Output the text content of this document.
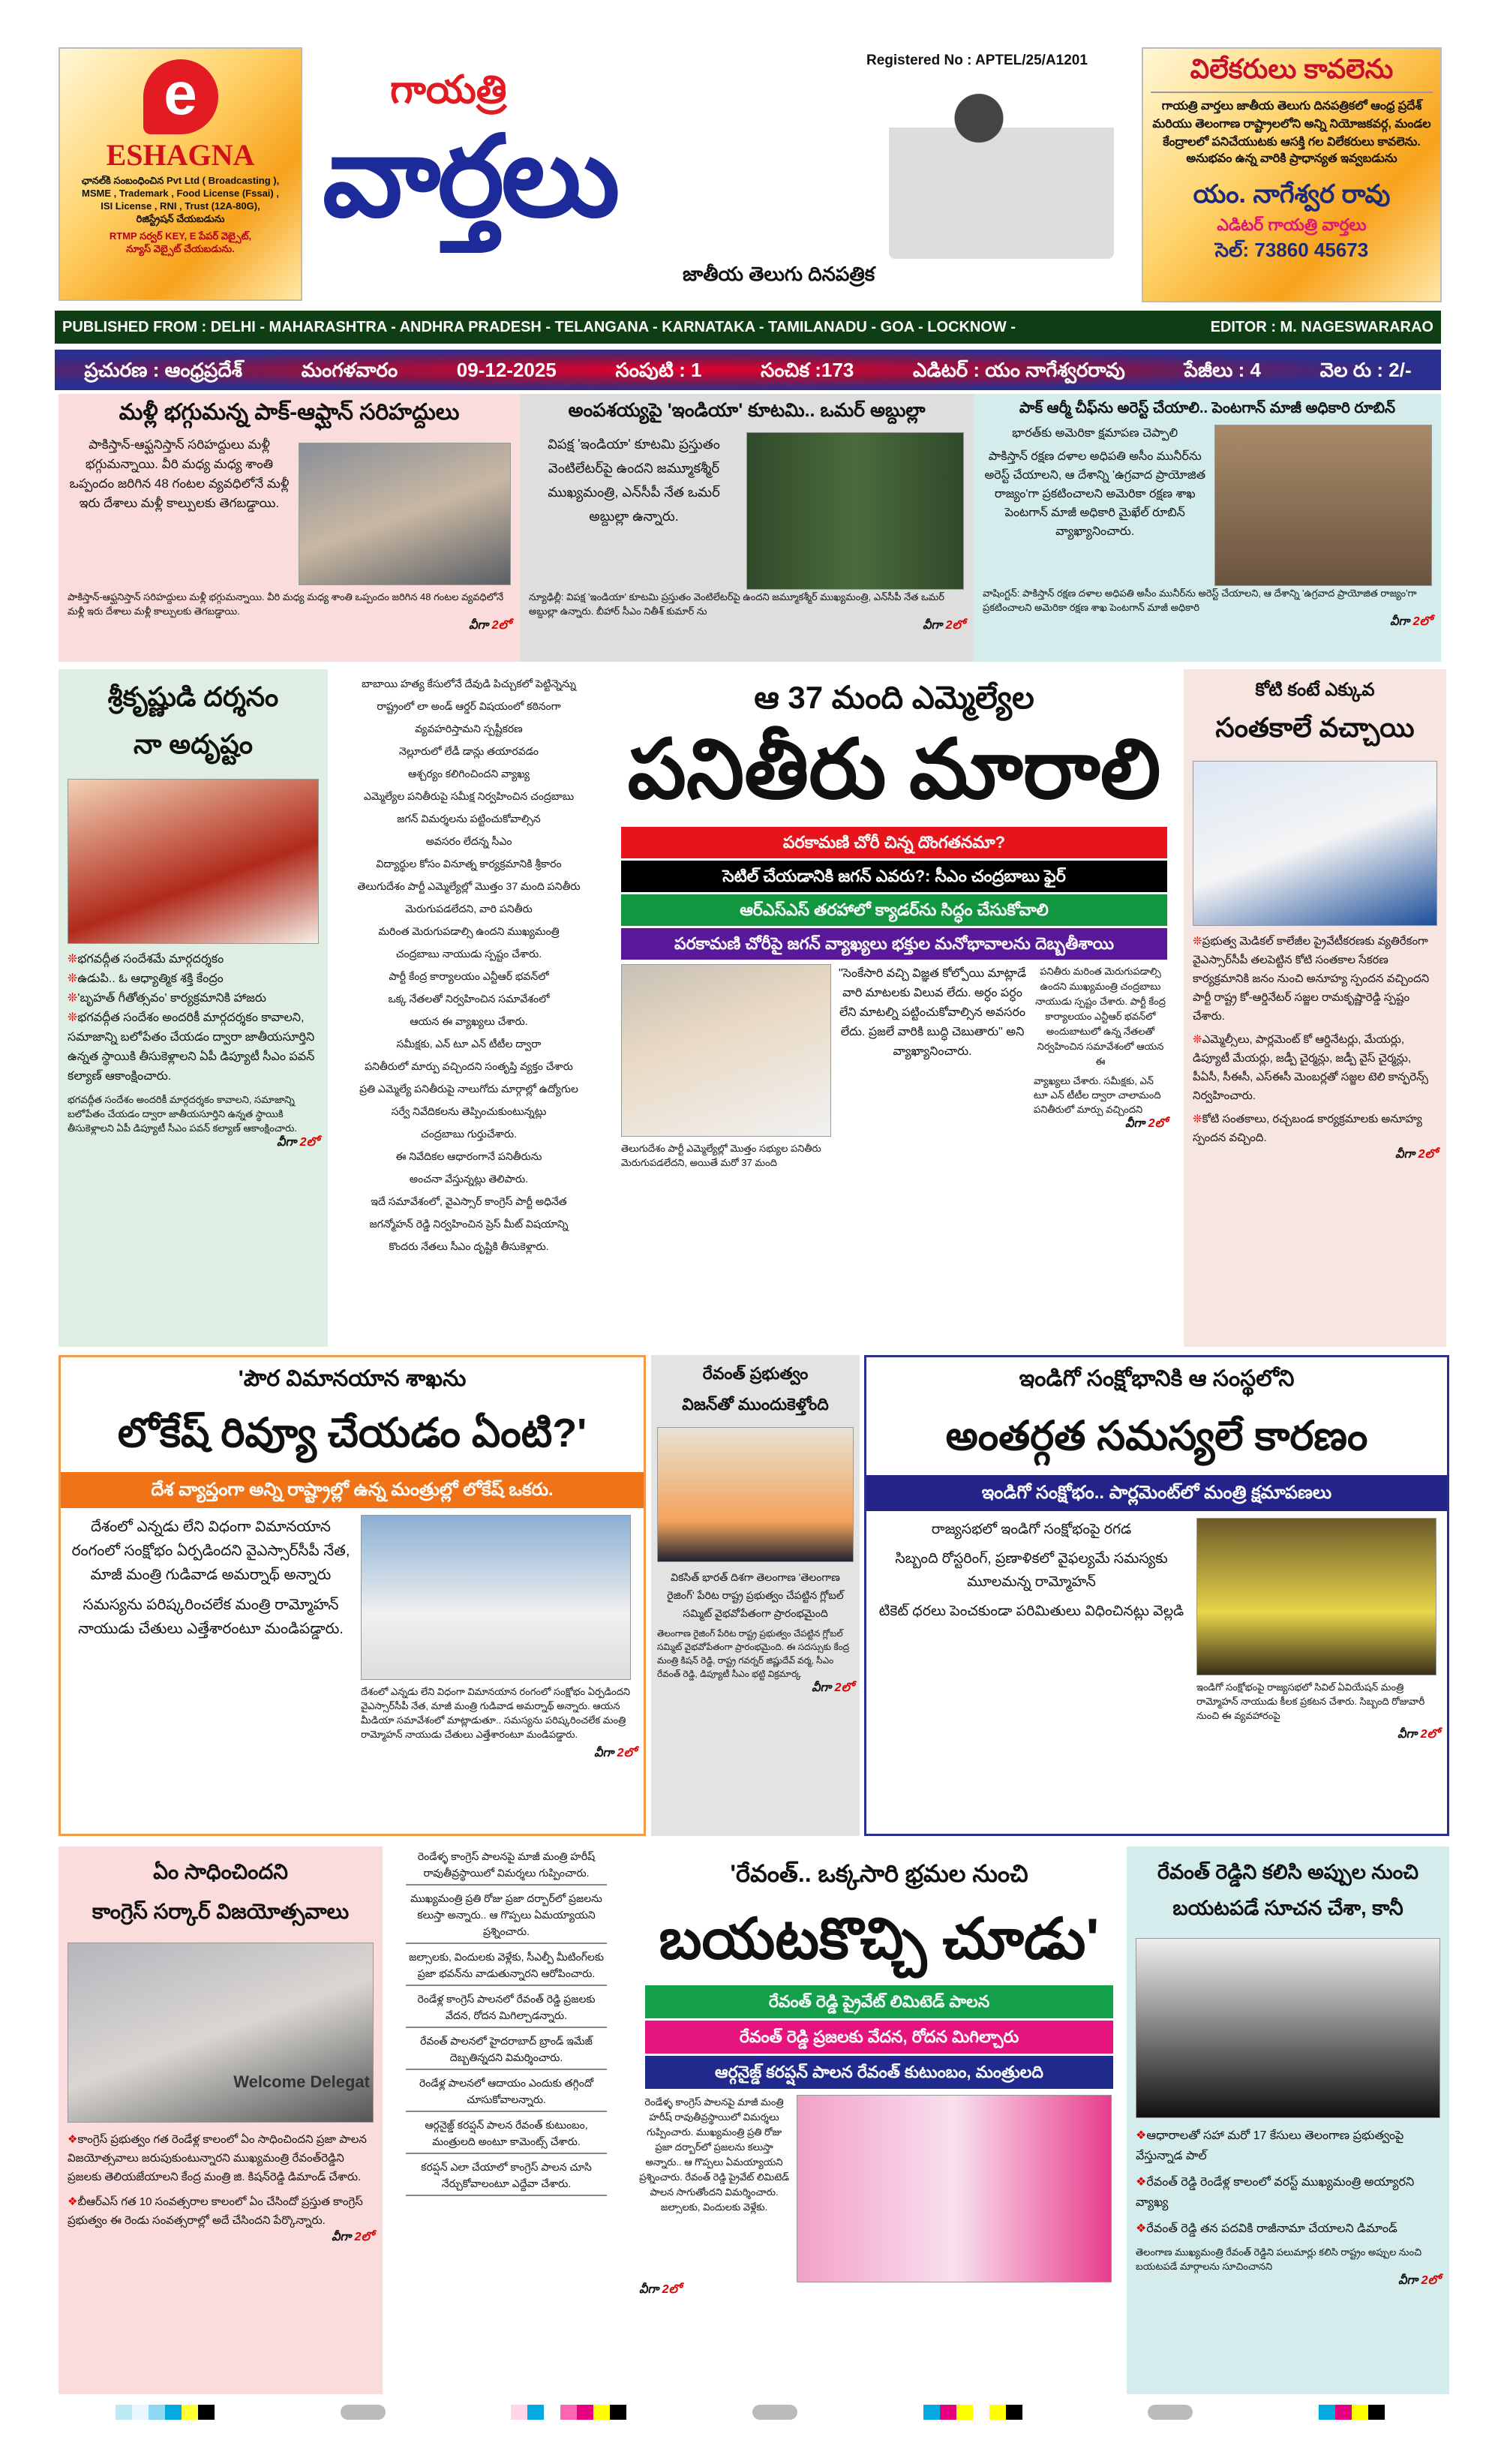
e
ESHAGNA
ఛానల్‌కి సంబంధించిన Pvt Ltd ( Broadcasting ),
MSME , Trademark , Food License (Fssai) ,
ISI License , RNI , Trust (12A-80G),
రిజిస్ట్రేషన్ చేయబడును
RTMP సర్వర్ KEY, E పేపర్ వెబ్సైట్,
న్యూస్ వెబ్సైట్ చేయబడును.
Registered No : APTEL/25/A1201
గాయత్రి
వార్తలు
జాతీయ తెలుగు దినపత్రిక
విలేకరులు కావలెను
గాయత్రి వార్తలు జాతీయ తెలుగు దినపత్రికలో ఆంధ్ర ప్రదేశ్ మరియు తెలంగాణ రాష్ట్రాలలోని అన్ని నియోజకవర్గ, మండల కేంద్రాలలో పనిచేయుటకు ఆసక్తి గల విలేకరులు కావలెను.
అనుభవం ఉన్న వారికి ప్రాధాన్యత ఇవ్వబడును
యం. నాగేశ్వర రావు
ఎడిటర్ గాయత్రి వార్తలు
సెల్: 73860 45673
PUBLISHED FROM : DELHI - MAHARASHTRA - ANDHRA PRADESH - TELANGANA - KARNATAKA - TAMILANADU - GOA - LOCKNOW -	EDITOR : M. NAGESWARARAO
ప్రచురణ : ఆంధ్రప్రదేశ్	మంగళవారం	09-12-2025	సంపుటి : 1	సంచిక :173	ఎడిటర్ : యం నాగేశ్వరరావు	పేజీలు : 4	వెల రు : 2/-
మళ్లీ భగ్గుమన్న పాక్-ఆఫ్ఘాన్ సరిహద్దులు
పాకిస్తాన్-ఆఫ్ఘనిస్తాన్ సరిహద్దులు మళ్లీ భగ్గుమన్నాయి. వీరి మధ్య మధ్య శాంతి ఒప్పందం జరిగిన 48 గంటల వ్యవధిలోనే మళ్లీ ఇరు దేశాలు మళ్లీ కాల్పులకు తెగబడ్డాయి.
పాకిస్తాన్-ఆఫ్ఘనిస్తాన్ సరిహద్దులు మళ్లీ భగ్గుమన్నాయి. వీరి మధ్య మధ్య శాంతి ఒప్పందం జరిగిన 48 గంటల వ్యవధిలోనే మళ్లీ ఇరు దేశాలు మళ్లీ కాల్పులకు తెగబడ్డాయి.
వీగా 2లో
అంపశయ్యపై 'ఇండియా' కూటమి.. ఒమర్ అబ్దుల్లా
విపక్ష 'ఇండియా' కూటమి ప్రస్తుతం వెంటిలేటర్‌పై ఉందని జమ్మూకశ్మీర్ ముఖ్యమంత్రి, ఎన్‌సీపీ నేత ఒమర్ అబ్దుల్లా ఉన్నారు.
న్యూఢిల్లీ: విపక్ష 'ఇండియా' కూటమి ప్రస్తుతం వెంటిలేటర్‌పై ఉందని జమ్మూకశ్మీర్ ముఖ్యమంత్రి, ఎన్‌సీపీ నేత ఒమర్ అబ్దుల్లా ఉన్నారు. బీహార్ సీఎం నితీశ్ కుమార్ ను
వీగా 2లో
పాక్ ఆర్మీ చీఫ్‌ను అరెస్ట్ చేయాలి.. పెంటగాన్ మాజీ అధికారి రూబిన్
భారత్‌కు అమెరికా క్షమాపణ చెప్పాలి
పాకిస్తాన్ రక్షణ దళాల అధిపతి అసీం మునీర్‌ను అరెస్ట్ చేయాలని, ఆ దేశాన్ని 'ఉగ్రవాద ప్రాయోజిత రాజ్యం'గా ప్రకటించాలని అమెరికా రక్షణ శాఖ పెంటగాన్ మాజీ అధికారి మైఖేల్ రూబిన్ వ్యాఖ్యానించారు.
వాషింగ్టన్: పాకిస్తాన్ రక్షణ దళాల అధిపతి అసీం మునీర్‌ను అరెస్ట్ చేయాలని, ఆ దేశాన్ని 'ఉగ్రవాద ప్రాయోజిత రాజ్యం'గా ప్రకటించాలని అమెరికా రక్షణ శాఖ పెంటగాన్ మాజీ అధికారి
వీగా 2లో
శ్రీకృష్ణుడి దర్శనం
నా అదృష్టం
❊భగవద్గీత సందేశమే మార్గదర్శకం
❊ఉడుపి.. ఓ ఆధ్యాత్మిక శక్తి కేంద్రం
❊'బృహత్ గీతోత్సవం' కార్యక్రమానికి హాజరు
❊భగవద్గీత సందేశం అందరికీ మార్గదర్శకం కావాలని, సమాజాన్ని బలోపేతం చేయడం ద్వారా జాతీయసూర్తిని ఉన్నత స్థాయికి తీసుకెళ్లాలని ఏపీ డిప్యూటీ సీఎం పవన్ కల్యాణ్ ఆకాంక్షించారు.
భగవద్గీత సందేశం అందరికీ మార్గదర్శకం కావాలని, సమాజాన్ని బలోపేతం చేయడం ద్వారా జాతీయసూర్తిని ఉన్నత స్థాయికి తీసుకెళ్లాలని ఏపీ డిప్యూటీ సీఎం పవన్ కల్యాణ్ ఆకాంక్షించారు.
వీగా 2లో
బాబాయి హత్య కేసులోనే దేవుడి పిచ్చుకలో పెట్టిన్నెన్ను
రాష్ట్రంలో లా అండ్ ఆర్డర్ విషయంలో కఠినంగా
వ్యవహరిస్తామని స్పష్టీకరణ
నెల్లూరులో లేడీ డాన్లు తయారవడం
ఆశ్చర్యం కలిగించిందని వ్యాఖ్య
ఎమ్మెల్యేల పనితీరుపై సమీక్ష నిర్వహించిన చంద్రబాబు
జగన్ విమర్శలను పట్టించుకోవాల్సిన
అవసరం లేదన్న సీఎం
విద్యార్థుల కోసం వినూత్న కార్యక్రమానికి శ్రీకారం
తెలుగుదేశం పార్టీ ఎమ్మెల్యేల్లో మొత్తం 37 మంది పనితీరు
మెరుగుపడలేదని, వారి పనితీరు
మరింత మెరుగుపడాల్సి ఉందని ముఖ్యమంత్రి
చంద్రబాబు నాయుడు స్పష్టం చేశారు.
పార్టీ కేంద్ర కార్యాలయం ఎన్టీఆర్ భవన్‌లో
ఒక్క నేతలతో నిర్వహించిన సమావేశంలో
ఆయన ఈ వ్యాఖ్యలు చేశారు.
సమీక్షకు, ఎన్ టూ ఎన్ టీటీల ద్వారా
పనితీరులో మార్పు వచ్చిందని సంతృప్తి వ్యక్తం చేశారు
ప్రతి ఎమ్మెల్యే పనితీరుపై నాలుగోదు మార్గాల్లో ఉద్యోగుల
సర్వే నివేదికలను తెప్పించుకుంటున్నట్లు
చంద్రబాబు గుర్తుచేశారు.
ఈ నివేదికల ఆధారంగానే పనితీరును
అంచనా వేస్తున్నట్లు తెలిపారు.
ఇదే సమావేశంలో, వైఎస్సార్ కాంగ్రెస్ పార్టీ అధినేత
జగన్మోహన్ రెడ్డి నిర్వహించిన ప్రెస్ మీట్ విషయాన్ని
కొందరు నేతలు సీఎం దృష్టికి తీసుకెళ్లారు.
ఆ 37 మంది ఎమ్మెల్యేల
పనితీరు మారాలి
పరకామణి చోరీ చిన్న దొంగతనమా?
సెటిల్ చేయడానికి జగన్ ఎవరు?: సీఎం చంద్రబాబు ఫైర్
ఆర్ఎస్ఎస్ తరహాలో క్యాడర్‌ను సిద్ధం చేసుకోవాలి
పరకామణి చోరీపై జగన్ వ్యాఖ్యలు భక్తుల మనోభావాలను దెబ్బతీశాయి
తెలుగుదేశం పార్టీ ఎమ్మెల్యేల్లో మొత్తం సభ్యుల పనితీరు మెరుగుపడలేదని, అయితే మరో 37 మంది
"సెంకేసారి వచ్చి విజ్ఞత కోల్పోయి మాట్లాడే వారి మాటలకు విలువ లేదు. అర్ధం పర్ధం లేని మాటల్ని పట్టించుకోవాల్సిన అవసరం లేదు. ప్రజలే వారికి బుద్ధి చెబుతారు" అని వ్యాఖ్యానించారు.
పనితీరు మరింత మెరుగుపడాల్సి ఉందని ముఖ్యమంత్రి చంద్రబాబు నాయుడు స్పష్టం చేశారు. పార్టీ కేంద్ర కార్యాలయం ఎన్టీఆర్ భవన్‌లో అందుబాటులో ఉన్న నేతలతో నిర్వహించిన సమావేశంలో ఆయన ఈ
వ్యాఖ్యలు చేశారు. సమీక్షకు, ఎన్ టూ ఎన్ టీటీల ద్వారా చాలామంది పనితీరులో మార్పు వచ్చిందని
వీగా 2లో
కోటి కంటే ఎక్కువ
సంతకాలే వచ్చాయి
❊ప్రభుత్వ మెడికల్ కాలేజీల ప్రైవేటీకరణకు వ్యతిరేకంగా వైఎస్సార్‌సీపీ తలపెట్టిన కోటి సంతకాల సేకరణ కార్యక్రమానికి జనం నుంచి అనూహ్య స్పందన వచ్చిందని పార్టీ రాష్ట్ర కో-ఆర్డినేటర్ సజ్జల రామకృష్ణారెడ్డి స్పష్టం చేశారు.
❊ఎమ్మెల్సీలు, పార్లమెంట్ కో ఆర్డినేటర్లు, మేయర్లు, డిప్యూటీ మేయర్లు, జడ్పీ చైర్మన్లు, జడ్పీ వైస్ చైర్మన్లు, పీఏసీ, సీఈసీ, ఎస్ఈసీ మెంబర్లతో సజ్జల టెలి కాన్ఫరెన్స్ నిర్వహించారు.
❊కోటి సంతకాలు, రచ్చబండ కార్యక్రమాలకు అనూహ్య స్పందన వచ్చింది.
వీగా 2లో
'పౌర విమానయాన శాఖను
లోకేష్ రివ్యూ చేయడం ఏంటి?'
దేశ వ్యాప్తంగా అన్ని రాష్ట్రాల్లో ఉన్న మంత్రుల్లో లోకేష్ ఒకరు.
దేశంలో ఎన్నడు లేని విధంగా విమానయాన రంగంలో సంక్షోభం ఏర్పడిందని వైఎస్సార్‌సీపీ నేత, మాజీ మంత్రి గుడివాడ అమర్నాథ్ అన్నారు
సమస్యను పరిష్కరించలేక మంత్రి రామ్మోహన్ నాయుడు చేతులు ఎత్తేశారంటూ మండిపడ్డారు.
దేశంలో ఎన్నడు లేని విధంగా విమానయాన రంగంలో సంక్షోభం ఏర్పడిందని వైఎస్సార్‌సీపీ నేత, మాజీ మంత్రి గుడివాడ అమర్నాథ్ అన్నారు. ఆయన మీడియా సమావేశంలో మాట్లాడుతూ.. సమస్యను పరిష్కరించలేక మంత్రి రామ్మోహన్ నాయుడు చేతులు ఎత్తేశారంటూ మండిపడ్డారు.
వీగా 2లో
రేవంత్ ప్రభుత్వం
విజన్‌తో ముందుకెళ్తోంది
వికసిత్ భారత్ దిశగా తెలంగాణ 'తెలంగాణ రైజింగ్' పేరిట రాష్ట్ర ప్రభుత్వం చేపట్టిన గ్లోబల్ సమ్మిట్ వైభవోపేతంగా ప్రారంభమైంది
తెలంగాణ రైజింగ్ పేరిట రాష్ట్ర ప్రభుత్వం చేపట్టిన గ్లోబల్ సమ్మిట్ వైభవోపేతంగా ప్రారంభమైంది. ఈ సదస్సుకు కేంద్ర మంత్రి కిషన్ రెడ్డి, రాష్ట్ర గవర్నర్ జిష్ణుదేవ్ వర్మ, సీఎం రేవంత్ రెడ్డి, డిప్యూటీ సీఎం భట్టి విక్రమార్క
వీగా 2లో
ఇండిగో సంక్షోభానికి ఆ సంస్థలోని
అంతర్గత సమస్యలే కారణం
ఇండిగో సంక్షోభం.. పార్లమెంట్‌లో మంత్రి క్షమాపణలు
రాజ్యసభలో ఇండిగో సంక్షోభంపై రగడ
సిబ్బంది రోస్టరింగ్, ప్రణాళికలో వైఫల్యమే సమస్యకు మూలమన్న రామ్మోహన్
టికెట్ ధరలు పెంచకుండా పరిమితులు విధించినట్లు వెల్లడి
ఇండిగో సంక్షోభంపై రాజ్యసభలో సివిల్ ఏవియేషన్ మంత్రి రామ్మోహన్ నాయుడు కీలక ప్రకటన చేశారు. సిబ్బంది రోజువారీ నుంచి ఈ వ్యవహారంపై
వీగా 2లో
ఏం సాధించిందని
కాంగ్రెస్ సర్కార్ విజయోత్సవాలు
Welcome Delegat
❖కాంగ్రెస్ ప్రభుత్వం గత రెండేళ్ల కాలంలో ఏం సాధించిందని ప్రజా పాలన విజయోత్సవాలు జరుపుకుంటున్నారని ముఖ్యమంత్రి రేవంత్‌రెడ్డిని ప్రజలకు తెలియజేయాలని కేంద్ర మంత్రి జి. కిషన్‌రెడ్డి డిమాండ్ చేశారు.
❖బీఆర్ఎస్ గత 10 సంవత్సరాల కాలంలో ఏం చేసిందో ప్రస్తుత కాంగ్రెస్ ప్రభుత్వం ఈ రెండు సంవత్సరాల్లో అదే చేసిందని పేర్కొన్నారు.
వీగా 2లో
రెండేళ్ళ కాంగ్రెస్ పాలనపై మాజీ మంత్రి హరీష్ రావుతీవ్రస్థాయిలో విమర్శలు గుప్పించారు.
ముఖ్యమంత్రి ప్రతి రోజు ప్రజా దర్బార్‌లో ప్రజలను కలుస్తా అన్నారు.. ఆ గొప్పలు ఏమయ్యాయని ప్రశ్నించారు.
జల్సాలకు, విందులకు వెళ్లేకు, సీఎల్పీ మీటింగ్‌లకు ప్రజా భవన్‌ను వాడుతున్నారని ఆరోపించారు.
రెండేళ్ల కాంగ్రెస్ పాలనలో రేవంత్ రెడ్డి ప్రజలకు వేదన, రోదన మిగిల్చాడన్నారు.
రేవంత్ పాలనలో హైదరాబాద్ బ్రాండ్ ఇమేజ్ దెబ్బతిన్నదని విమర్శించారు.
రెండేళ్ల పాలనలో ఆదాయం ఎందుకు తగ్గిందో చూసుకోవాలన్నారు.
ఆర్గనైజ్డ్ కరప్షన్ పాలన రేవంత్ కుటుంబం, మంత్రులది అంటూ కామెంట్స్ చేశారు.
కరప్షన్ ఎలా చేయాలో కాంగ్రెస్ పాలన చూసి నేర్చుకోవాలంటూ ఎద్దేవా చేశారు.
'రేవంత్.. ఒక్కసారి భ్రమల నుంచి
బయటకొచ్చి చూడు'
రేవంత్ రెడ్డి ప్రైవేట్ లిమిటెడ్ పాలన
రేవంత్ రెడ్డి ప్రజలకు వేదన, రోదన మిగిల్చారు
ఆర్గనైజ్డ్ కరప్షన్ పాలన రేవంత్ కుటుంబం, మంత్రులది
రెండేళ్ళ కాంగ్రెస్ పాలనపై మాజీ మంత్రి హరీష్ రావుతీవ్రస్థాయిలో విమర్శలు గుప్పించారు. ముఖ్యమంత్రి ప్రతి రోజు ప్రజా దర్బార్‌లో ప్రజలను కలుస్తా అన్నారు.. ఆ గొప్పలు ఏమయ్యాయని ప్రశ్నించారు. రేవంత్ రెడ్డి ప్రైవేట్ లిమిటెడ్ పాలన సాగుతోందని విమర్శించారు. జల్సాలకు, విందులకు వెళ్లేకు.
వీగా 2లో
రేవంత్ రెడ్డిని కలిసి అప్పుల నుంచి బయటపడే సూచన చేశా, కానీ
❖ఆధారాలతో సహా మరో 17 కేసులు తెలంగాణ ప్రభుత్వంపై వేస్తున్నాడ పాల్
❖రేవంత్ రెడ్డి రెండేళ్ల కాలంలో వరస్ట్ ముఖ్యమంత్రి అయ్యారని వ్యాఖ్య
❖రేవంత్ రెడ్డి తన పదవికి రాజీనామా చేయాలని డిమాండ్
తెలంగాణ ముఖ్యమంత్రి రేవంత్ రెడ్డిని పలుమార్లు కలిసి రాష్ట్రం అప్పుల నుంచి బయటపడే మార్గాలను సూచించానని
వీగా 2లో
